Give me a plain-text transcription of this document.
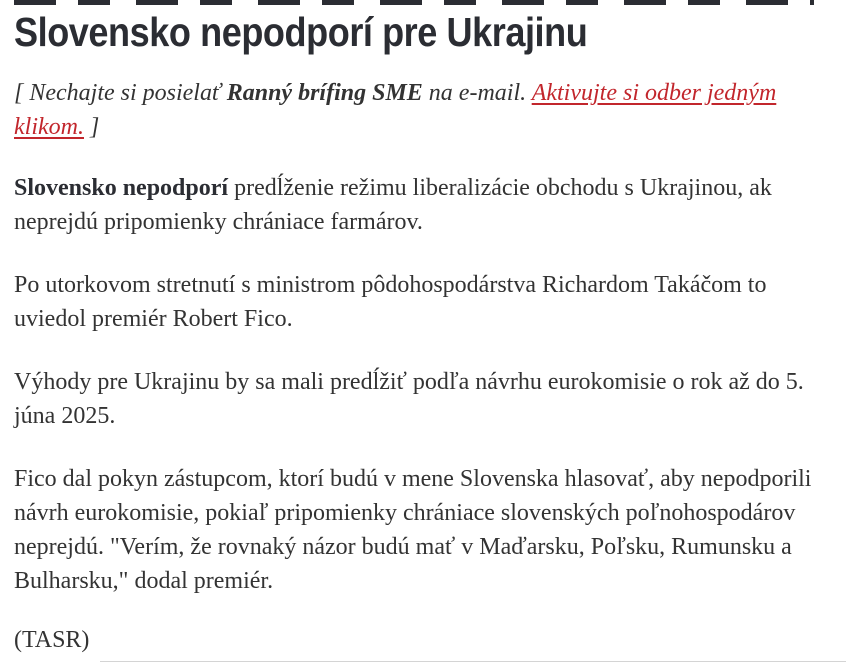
Slovensko nepodporí pre Ukrajinu

[ Nechajte si posielať Ranný brífing SME na e-mail. Aktivujte si odber jedným klikom. ]

Slovensko nepodporí predĺženie režimu liberalizácie obchodu s Ukrajinou, ak neprejdú pripomienky chrániace farmárov.

Po utorkovom stretnutí s ministrom pôdohospodárstva Richardom Takáčom to uviedol premiér Robert Fico.

Výhody pre Ukrajinu by sa mali predĺžiť podľa návrhu eurokomisie o rok až do 5. júna 2025.

Fico dal pokyn zástupcom, ktorí budú v mene Slovenska hlasovať, aby nepodporili návrh eurokomisie, pokiaľ pripomienky chrániace slovenských poľnohospodárov neprejdú. "Verím, že rovnaký názor budú mať v Maďarsku, Poľsku, Rumunsku a Bulharsku," dodal premiér.

(TASR)
